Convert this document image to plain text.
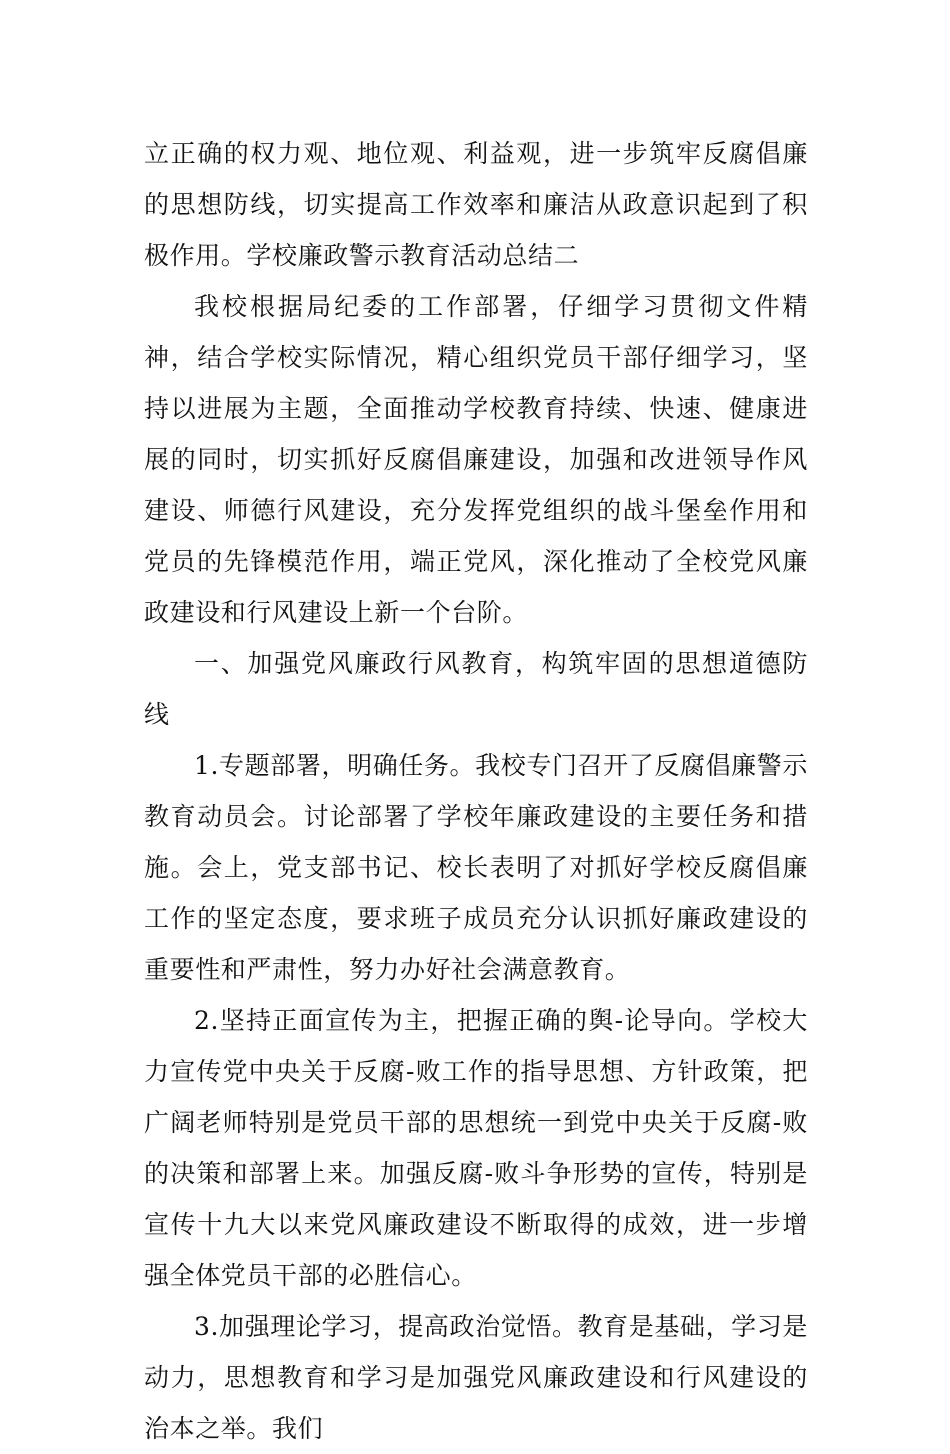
立正确的权力观、地位观、利益观，进一步筑牢反腐倡廉的思想防线，切实提高工作效率和廉洁从政意识起到了积极作用。学校廉政警示教育活动总结二

我校根据局纪委的工作部署，仔细学习贯彻文件精神，结合学校实际情况，精心组织党员干部仔细学习，坚持以进展为主题，全面推动学校教育持续、快速、健康进展的同时，切实抓好反腐倡廉建设，加强和改进领导作风建设、师德行风建设，充分发挥党组织的战斗堡垒作用和党员的先锋模范作用，端正党风，深化推动了全校党风廉政建设和行风建设上新一个台阶。

一、加强党风廉政行风教育，构筑牢固的思想道德防线

1.专题部署，明确任务。我校专门召开了反腐倡廉警示教育动员会。讨论部署了学校年廉政建设的主要任务和措施。会上，党支部书记、校长表明了对抓好学校反腐倡廉工作的坚定态度，要求班子成员充分认识抓好廉政建设的重要性和严肃性，努力办好社会满意教育。

2.坚持正面宣传为主，把握正确的舆-论导向。学校大力宣传党中央关于反腐-败工作的指导思想、方针政策，把广阔老师特别是党员干部的思想统一到党中央关于反腐-败的决策和部署上来。加强反腐-败斗争形势的宣传，特别是宣传十九大以来党风廉政建设不断取得的成效，进一步增强全体党员干部的必胜信心。

3.加强理论学习，提高政治觉悟。教育是基础，学习是动力，思想教育和学习是加强党风廉政建设和行风建设的治本之举。我们
